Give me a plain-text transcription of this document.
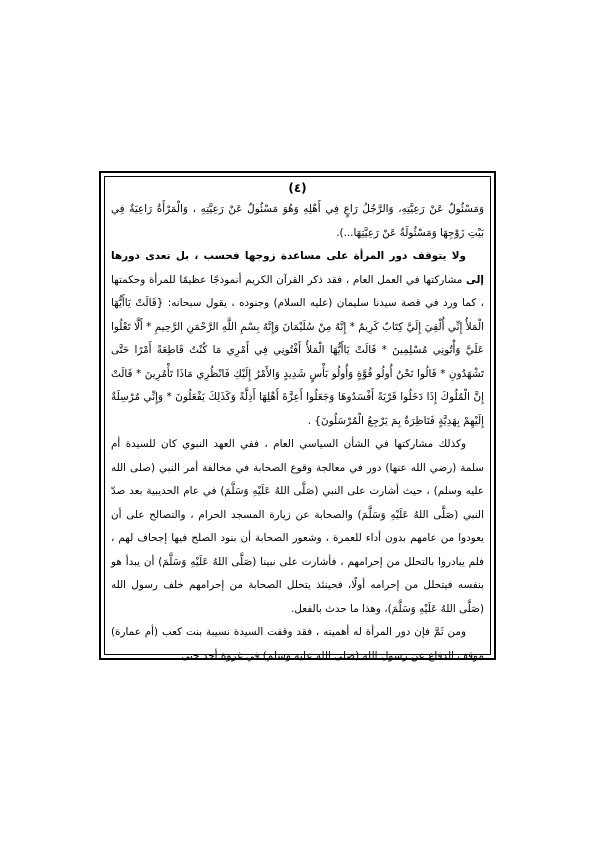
(٤)

وَمَسْئُولٌ عَنْ رَعِيَّتِهِ، وَالرَّجُلُ رَاعٍ فِي أَهْلِهِ وَهُوَ مَسْئُولٌ عَنْ رَعِيَّتِهِ ، وَالْمَرْأَةُ رَاعِيَةٌ فِي بَيْتِ زَوْجِهَا وَمَسْئُولَةٌ عَنْ رَعِيَّتِهَا...).

ولا يتوقف دور المرأة على مساعدة زوجها فحسب ، بل تعدى دورها إلى مشاركتها في العمل العام ، فقد ذكر القرآن الكريم أنموذجًا عظيمًا للمرأة وحكمتها ، كما ورد في قصة سيدنا سليمان (عليه السلام) وجنوده ، يقول سبحانه: {قَالَتْ يَاأَيُّهَا الْمَلأُ إِنِّي أُلْقِيَ إِلَيَّ كِتَابٌ كَرِيمٌ * إِنَّهُ مِنْ سُلَيْمَانَ وَإِنَّهُ بِسْمِ اللَّهِ الرَّحْمَنِ الرَّحِيمِ * أَلَّا تَعْلُوا عَلَيَّ وَأْتُونِي مُسْلِمِينَ * قَالَتْ يَاأَيُّهَا الْمَلأُ أَفْتُونِي فِي أَمْرِي مَا كُنْتُ قَاطِعَةً أَمْرًا حَتَّى تَشْهَدُونِ * قَالُوا نَحْنُ أُولُو قُوَّةٍ وَأُولُو بَأْسٍ شَدِيدٍ وَالأَمْرُ إِلَيْكِ فَانْظُرِي مَاذَا تَأْمُرِينَ * قَالَتْ إِنَّ الْمُلُوكَ إِذَا دَخَلُوا قَرْيَةً أَفْسَدُوهَا وَجَعَلُوا أَعِزَّةَ أَهْلِهَا أَذِلَّةً وَكَذَلِكَ يَفْعَلُونَ * وَإِنِّي مُرْسِلَةٌ إِلَيْهِمْ بِهَدِيَّةٍ فَنَاظِرَةٌ بِمَ يَرْجِعُ الْمُرْسَلُونَ} .

وكذلك مشاركتها في الشأن السياسي العام ، ففي العهد النبوي كان للسيدة أم سلمة (رضي الله عنها) دور في معالجة وقوع الصحابة في مخالفة أمر النبي (صلى الله عليه وسلم) ، حيث أشارت على النبي (صَلَّى اللهُ عَلَيْهِ وَسَلَّمَ) في عام الحديبية بعد صدّ النبي (صَلَّى اللهُ عَلَيْهِ وَسَلَّمَ) والصحابة عن زيارة المسجد الحرام ، والتصالح على أن يعودوا من عامهم بدون أداء للعمرة ، وشعور الصحابة أن بنود الصلح فيها إجحاف لهم ، فلم يبادروا بالتحلل من إحرامهم ، فأشارت على نبينا (صَلَّى اللهُ عَلَيْهِ وَسَلَّمَ) أن يبدأ هو بنفسه فيتحلل من إحرامه أولًا، فحينئذ يتحلل الصحابة من إحرامهم خلف رسول الله (صَلَّى اللهُ عَلَيْهِ وَسَلَّمَ)، وهذا ما حدث بالفعل.

ومن ثَمَّ فإن دور المرأة له أهميته ، فقد وقفت السيدة نسيبة بنت كعب (أم عمارة) موقف الدفاع عن رسول الله (صلى الله عليه وسلم) في غزوة أحد حتى
